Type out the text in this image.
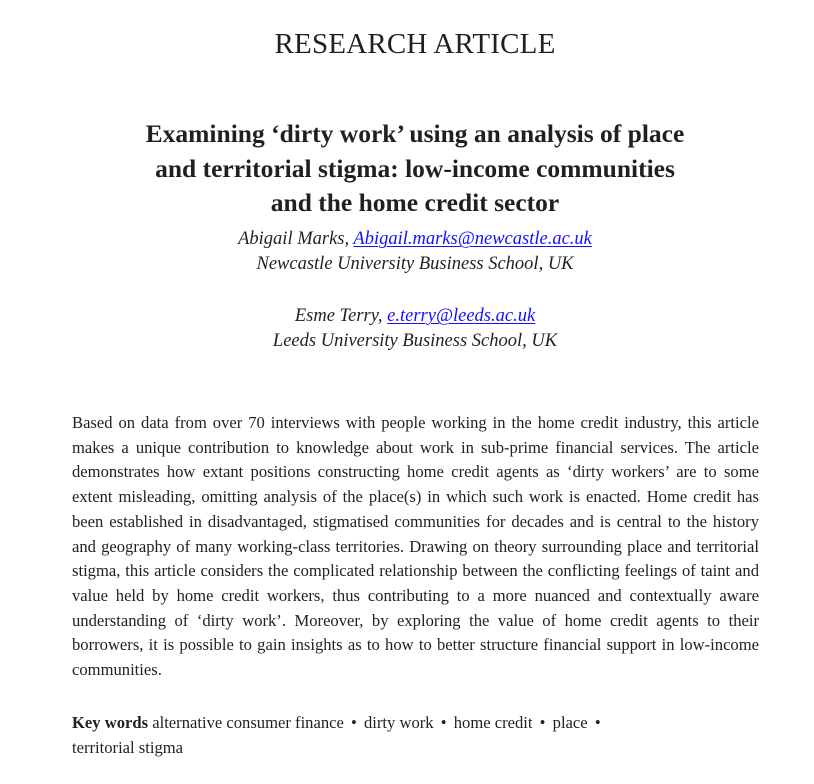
RESEARCH ARTICLE
Examining ‘dirty work’ using an analysis of place
and territorial stigma: low-income communities
and the home credit sector
Abigail Marks, Abigail.marks@newcastle.ac.uk
Newcastle University Business School, UK
Esme Terry, e.terry@leeds.ac.uk
Leeds University Business School, UK

Based on data from over 70 interviews with people working in the home credit industry, this article makes a unique contribution to knowledge about work in sub-prime financial services. The article demonstrates how extant positions constructing home credit agents as ‘dirty workers’ are to some extent misleading, omitting analysis of the place(s) in which such work is enacted. Home credit has been established in disadvantaged, stigmatised communities for decades and is central to the history and geography of many working-class territories. Drawing on theory surrounding place and territorial stigma, this article considers the complicated relationship between the conflicting feelings of taint and value held by home credit workers, thus contributing to a more nuanced and contextually aware understanding of ‘dirty work’. Moreover, by exploring the value of home credit agents to their borrowers, it is possible to gain insights as to how to better structure financial support in low-income communities.

Key words alternative consumer finance • dirty work • home credit • place •
territorial stigma
